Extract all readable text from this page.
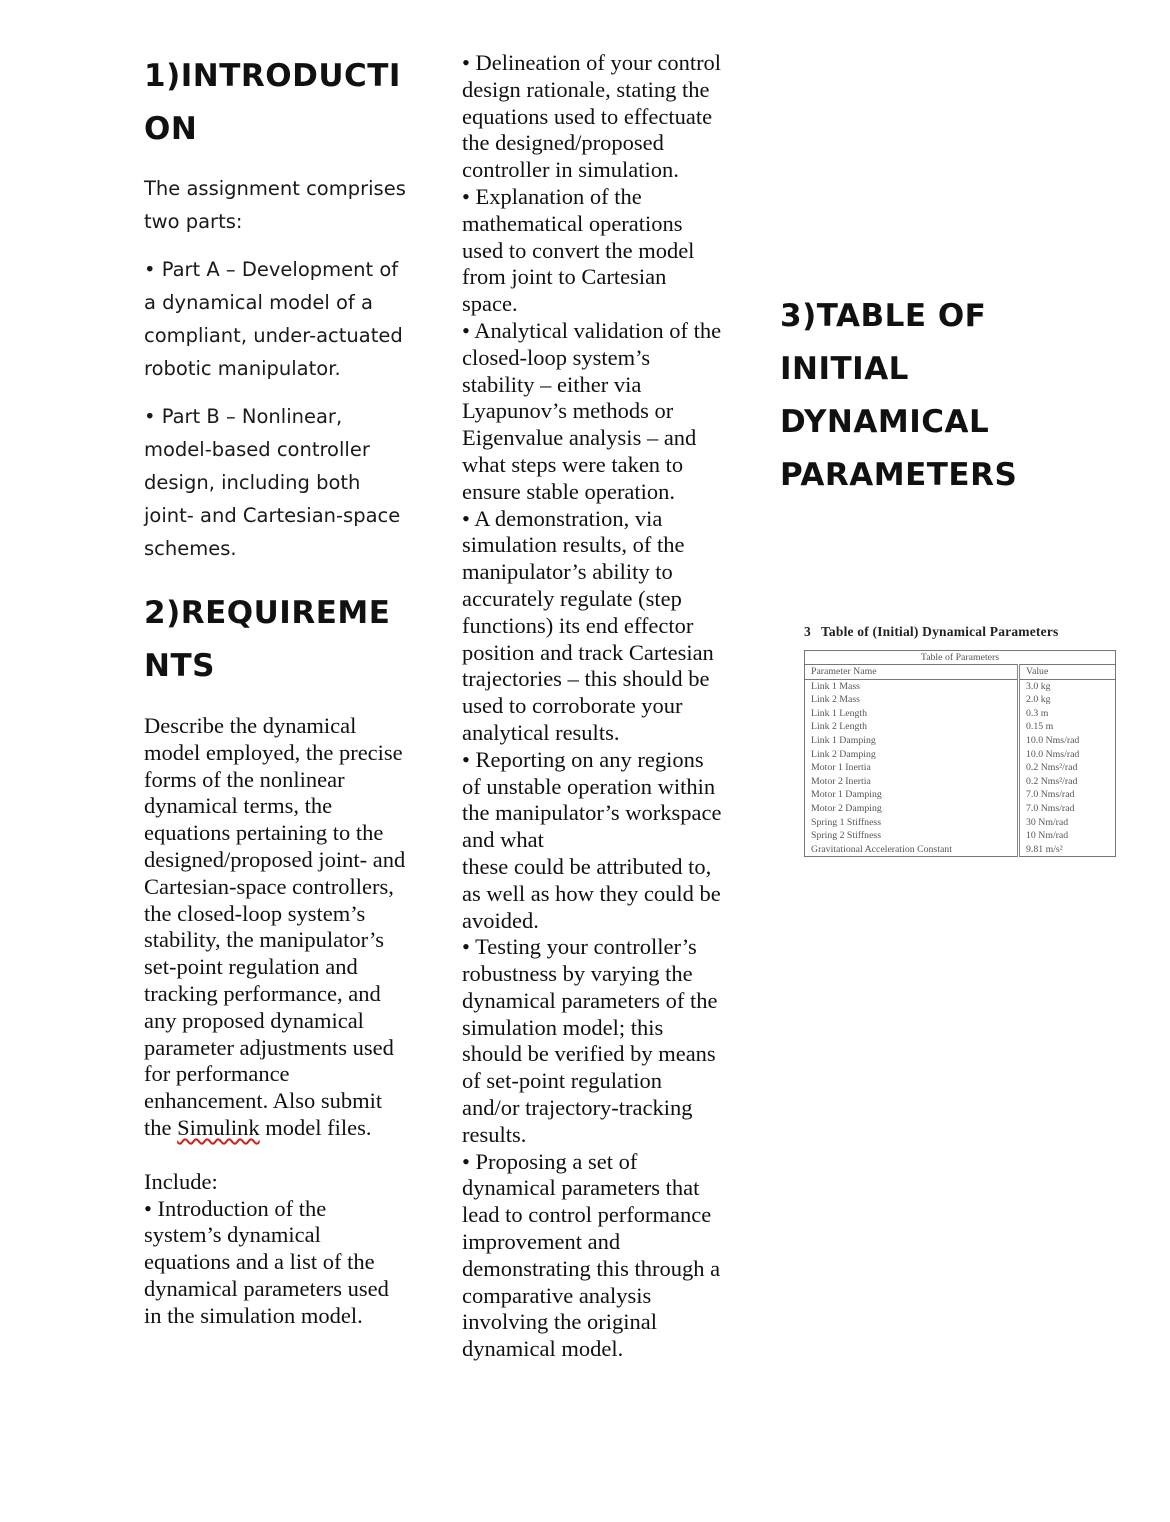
1)INTRODUCTION

The assignment comprises two parts:

• Part A – Development of a dynamical model of a compliant, under-actuated robotic manipulator.

• Part B – Nonlinear, model-based controller design, including both joint- and Cartesian-space schemes.

2)REQUIREMENTS

Describe the dynamical model employed, the precise forms of the nonlinear dynamical terms, the equations pertaining to the designed/proposed joint- and Cartesian-space controllers, the closed-loop system’s stability, the manipulator’s set-point regulation and tracking performance, and any proposed dynamical parameter adjustments used for performance enhancement. Also submit the Simulink model files.

Include:

• Introduction of the system’s dynamical equations and a list of the dynamical parameters used in the simulation model.

• Delineation of your control design rationale, stating the equations used to effectuate the designed/proposed controller in simulation.

• Explanation of the mathematical operations used to convert the model from joint to Cartesian space.

• Analytical validation of the closed-loop system’s stability – either via Lyapunov’s methods or Eigenvalue analysis – and what steps were taken to ensure stable operation.

• A demonstration, via simulation results, of the manipulator’s ability to accurately regulate (step functions) its end effector position and track Cartesian trajectories – this should be used to corroborate your analytical results.

• Reporting on any regions of unstable operation within the manipulator’s workspace and what
these could be attributed to, as well as how they could be avoided.

• Testing your controller’s robustness by varying the dynamical parameters of the simulation model; this should be verified by means of set-point regulation and/or trajectory-tracking results.

• Proposing a set of dynamical parameters that lead to control performance improvement and demonstrating this through a comparative analysis involving the original dynamical model.

3)TABLE OF INITIAL DYNAMICAL PARAMETERS
3 Table of (Initial) Dynamical Parameters
Table of Parameters
Parameter Name	Value
Link 1 Mass	3.0 kg
Link 2 Mass	2.0 kg
Link 1 Length	0.3 m
Link 2 Length	0.15 m
Link 1 Damping	10.0 Nms/rad
Link 2 Damping	10.0 Nms/rad
Motor 1 Inertia	0.2 Nms²/rad
Motor 2 Inertia	0.2 Nms²/rad
Motor 1 Damping	7.0 Nms/rad
Motor 2 Damping	7.0 Nms/rad
Spring 1 Stiffness	30 Nm/rad
Spring 2 Stiffness	10 Nm/rad
Gravitational Acceleration Constant	9.81 m/s²
